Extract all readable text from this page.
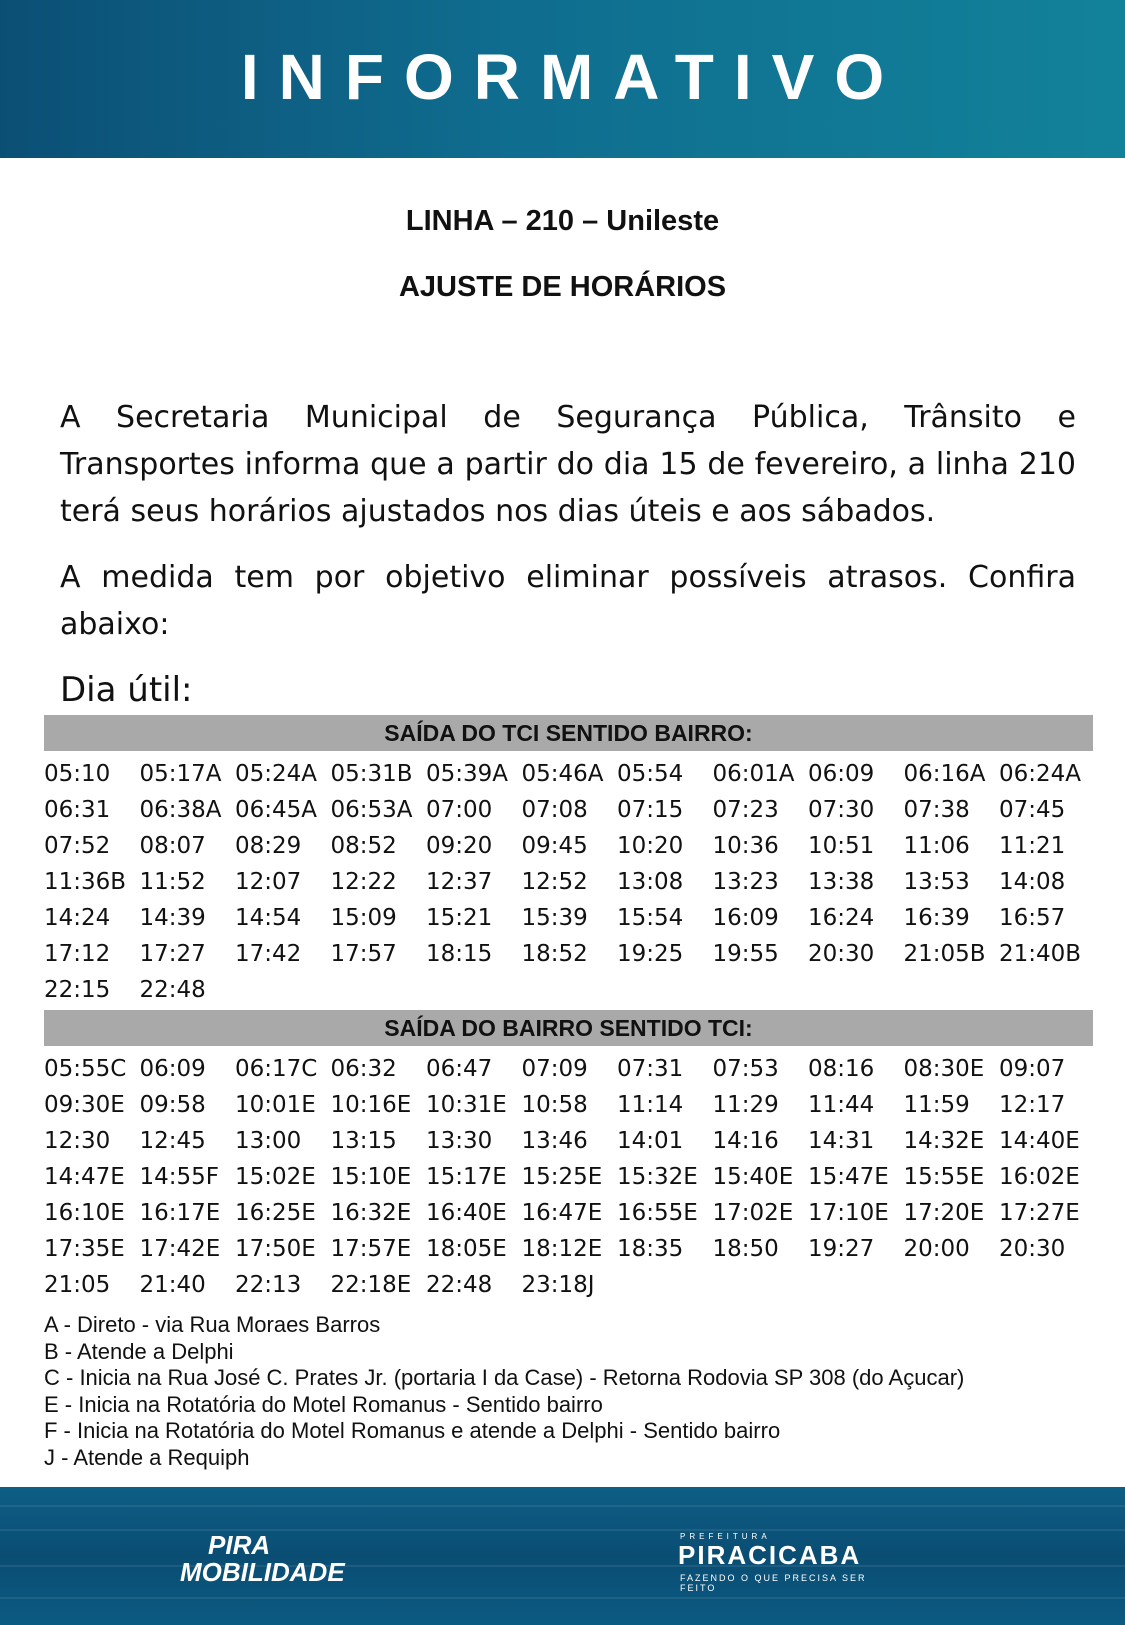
INFORMATIVO
LINHA – 210 – Unileste
AJUSTE DE HORÁRIOS
A Secretaria Municipal de Segurança Pública, Trânsito e Transportes informa que a partir do dia 15 de fevereiro, a linha 210 terá seus horários ajustados nos dias úteis e aos sábados.
A medida tem por objetivo eliminar possíveis atrasos. Confira abaixo:
Dia útil:
SAÍDA DO TCI SENTIDO BAIRRO:
05:10	05:17A 05:24A 05:31B 05:39A 05:46A 05:54	06:01A 06:09	06:16A 06:24A
06:31	06:38A 06:45A 06:53A 07:00	07:08	07:15	07:23	07:30	07:38	07:45
07:52	08:07	08:29	08:52	09:20	09:45	10:20	10:36	10:51	11:06	11:21
11:36B 11:52	12:07	12:22	12:37	12:52	13:08	13:23	13:38	13:53	14:08
14:24	14:39	14:54	15:09	15:21	15:39	15:54	16:09	16:24	16:39	16:57
17:12	17:27	17:42	17:57	18:15	18:52	19:25	19:55	20:30	21:05B 21:40B
22:15	22:48
SAÍDA DO BAIRRO SENTIDO TCI:
05:55C 06:09	06:17C 06:32	06:47	07:09	07:31	07:53	08:16	08:30E 09:07
09:30E 09:58	10:01E 10:16E 10:31E 10:58	11:14	11:29	11:44	11:59	12:17
12:30	12:45	13:00	13:15	13:30	13:46	14:01	14:16	14:31	14:32E 14:40E
14:47E 14:55F 15:02E 15:10E 15:17E 15:25E 15:32E 15:40E 15:47E 15:55E 16:02E
16:10E 16:17E 16:25E 16:32E 16:40E 16:47E 16:55E 17:02E 17:10E 17:20E 17:27E
17:35E 17:42E 17:50E 17:57E 18:05E 18:12E 18:35	18:50	19:27	20:00	20:30
21:05	21:40	22:13	22:18E 22:48	23:18J
A - Direto - via Rua Moraes Barros
B - Atende a Delphi
C - Inicia na Rua José C. Prates Jr. (portaria I da Case) - Retorna Rodovia SP 308 (do Açucar)
E - Inicia na Rotatória do Motel Romanus - Sentido bairro
F - Inicia na Rotatória do Motel Romanus e atende a Delphi - Sentido bairro
J - Atende a Requiph
PIRA
MOBILIDADE
PREFEITURA
PIRACICABA
FAZENDO O QUE PRECISA SER FEITO
